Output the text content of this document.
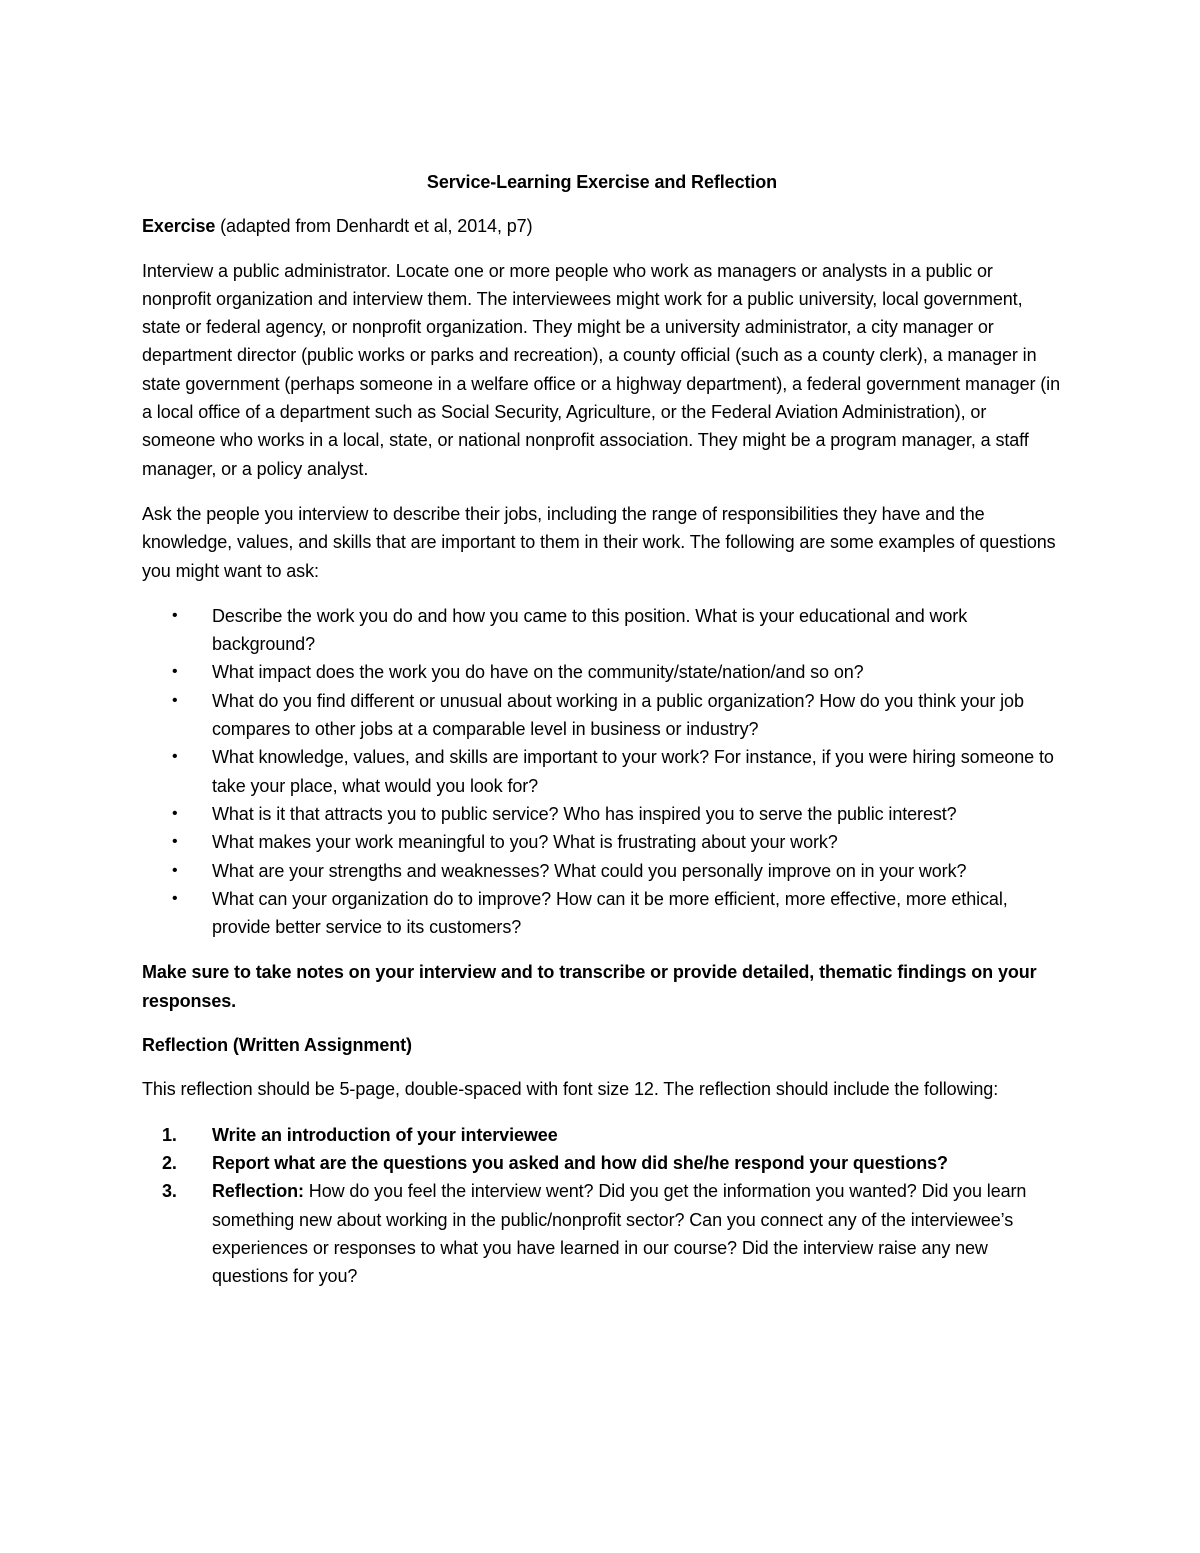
Service-Learning Exercise and Reflection

Exercise (adapted from Denhardt et al, 2014, p7)

Interview a public administrator. Locate one or more people who work as managers or analysts in a public or nonprofit organization and interview them. The interviewees might work for a public university, local government, state or federal agency, or nonprofit organization. They might be a university administrator, a city manager or department director (public works or parks and recreation), a county official (such as a county clerk), a manager in state government (perhaps someone in a welfare office or a highway department), a federal government manager (in a local office of a department such as Social Security, Agriculture, or the Federal Aviation Administration), or someone who works in a local, state, or national nonprofit association. They might be a program manager, a staff manager, or a policy analyst.

Ask the people you interview to describe their jobs, including the range of responsibilities they have and the knowledge, values, and skills that are important to them in their work. The following are some examples of questions you might want to ask:

• Describe the work you do and how you came to this position. What is your educational and work background?
• What impact does the work you do have on the community/state/nation/and so on?
• What do you find different or unusual about working in a public organization? How do you think your job compares to other jobs at a comparable level in business or industry?
• What knowledge, values, and skills are important to your work? For instance, if you were hiring someone to take your place, what would you look for?
• What is it that attracts you to public service? Who has inspired you to serve the public interest?
• What makes your work meaningful to you? What is frustrating about your work?
• What are your strengths and weaknesses? What could you personally improve on in your work?
• What can your organization do to improve? How can it be more efficient, more effective, more ethical, provide better service to its customers?

Make sure to take notes on your interview and to transcribe or provide detailed, thematic findings on your responses.

Reflection (Written Assignment)

This reflection should be 5-page, double-spaced with font size 12. The reflection should include the following:

1. Write an introduction of your interviewee
2. Report what are the questions you asked and how did she/he respond your questions?
3. Reflection: How do you feel the interview went? Did you get the information you wanted? Did you learn something new about working in the public/nonprofit sector? Can you connect any of the interviewee’s experiences or responses to what you have learned in our course? Did the interview raise any new questions for you?
